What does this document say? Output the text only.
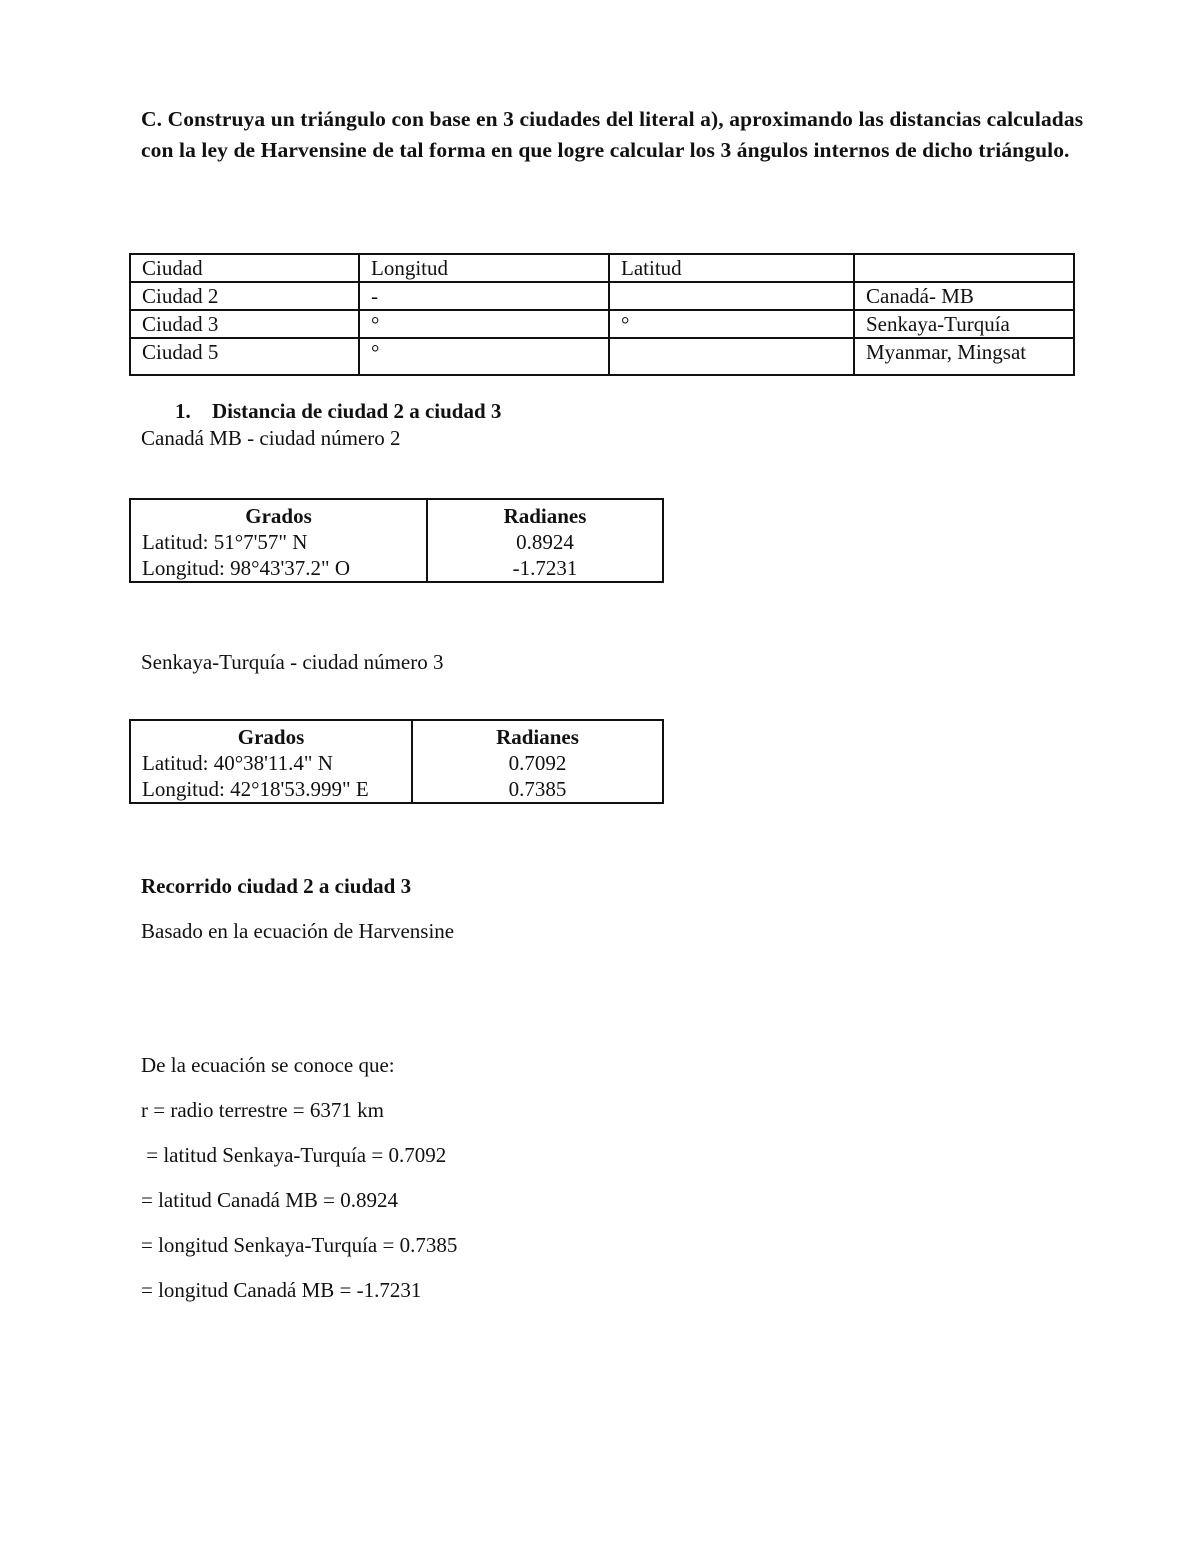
C. Construya un triángulo con base en 3 ciudades del literal a), aproximando las distancias calculadas con la ley de Harvensine de tal forma en que logre calcular los 3 ángulos internos de dicho triángulo.
Ciudad	Longitud	Latitud	
Ciudad 2	-		Canadá- MB
Ciudad 3	°	°	Senkaya-Turquía
Ciudad 5	°		Myanmar, Mingsat
1. Distancia de ciudad 2 a ciudad 3
Canadá MB - ciudad número 2
Grados	Radianes
Latitud: 51°7'57" N	0.8924
Longitud: 98°43'37.2" O	-1.7231
Senkaya-Turquía - ciudad número 3
Grados	Radianes
Latitud: 40°38'11.4" N	0.7092
Longitud: 42°18'53.999" E	0.7385
Recorrido ciudad 2 a ciudad 3
Basado en la ecuación de Harvensine
De la ecuación se conoce que:
r = radio terrestre = 6371 km
= latitud Senkaya-Turquía = 0.7092
= latitud Canadá MB = 0.8924
= longitud Senkaya-Turquía = 0.7385
= longitud Canadá MB = -1.7231
